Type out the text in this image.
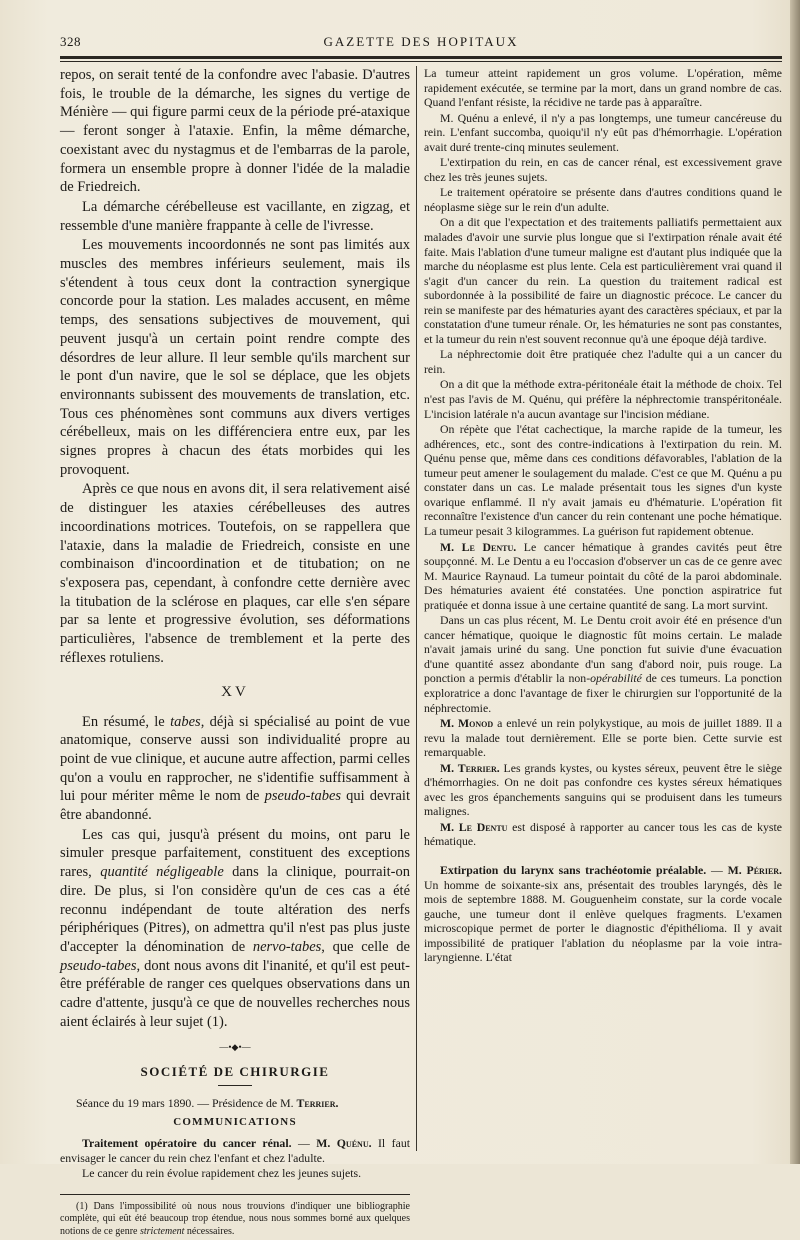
328	GAZETTE DES HOPITAUX

repos, on serait tenté de la confondre avec l'abasie. D'autres fois, le trouble de la démarche, les signes du vertige de Ménière — qui figure parmi ceux de la période pré-ataxique — feront songer à l'ataxie. Enfin, la même démarche, coexistant avec du nystagmus et de l'embarras de la parole, formera un ensemble propre à donner l'idée de la maladie de Friedreich.

La démarche cérébelleuse est vacillante, en zigzag, et ressemble d'une manière frappante à celle de l'ivresse.

Les mouvements incoordonnés ne sont pas limités aux muscles des membres inférieurs seulement, mais ils s'étendent à tous ceux dont la contraction synergique concorde pour la station. Les malades accusent, en même temps, des sensations subjectives de mouvement, qui peuvent jusqu'à un certain point rendre compte des désordres de leur allure. Il leur semble qu'ils marchent sur le pont d'un navire, que le sol se déplace, que les objets environnants subissent des mouvements de translation, etc. Tous ces phénomènes sont communs aux divers vertiges cérébelleux, mais on les différenciera entre eux, par les signes propres à chacun des états morbides qui les provoquent.

Après ce que nous en avons dit, il sera relativement aisé de distinguer les ataxies cérébelleuses des autres incoordinations motrices. Toutefois, on se rappellera que l'ataxie, dans la maladie de Friedreich, consiste en une combinaison d'incoordination et de titubation; on ne s'exposera pas, cependant, à confondre cette dernière avec la titubation de la sclérose en plaques, car elle s'en sépare par sa lente et progressive évolution, ses déformations particulières, l'absence de tremblement et la perte des réflexes rotuliens.

XV

En résumé, le tabes, déjà si spécialisé au point de vue anatomique, conserve aussi son individualité propre au point de vue clinique, et aucune autre affection, parmi celles qu'on a voulu en rapprocher, ne s'identifie suffisamment à lui pour mériter même le nom de pseudo-tabes qui devrait être abandonné.

Les cas qui, jusqu'à présent du moins, ont paru le simuler presque parfaitement, constituent des exceptions rares, quantité négligeable dans la clinique, pourrait-on dire. De plus, si l'on considère qu'un de ces cas a été reconnu indépendant de toute altération des nerfs périphériques (Pitres), on admettra qu'il n'est pas plus juste d'accepter la dénomination de nervo-tabes, que celle de pseudo-tabes, dont nous avons dit l'inanité, et qu'il est peut-être préférable de ranger ces quelques observations dans un cadre d'attente, jusqu'à ce que de nouvelles recherches nous aient éclairés à leur sujet (1).

—•◆•—
SOCIÉTÉ DE CHIRURGIE

Séance du 19 mars 1890. — Présidence de M. Terrier.

COMMUNICATIONS

Traitement opératoire du cancer rénal. — M. Quénu. Il faut envisager le cancer du rein chez l'enfant et chez l'adulte.

Le cancer du rein évolue rapidement chez les jeunes sujets.

(1) Dans l'impossibilité où nous nous trouvions d'indiquer une bibliographie complète, qui eût été beaucoup trop étendue, nous nous sommes borné aux quelques notions de ce genre strictement nécessaires.

La tumeur atteint rapidement un gros volume. L'opération, même rapidement exécutée, se termine par la mort, dans un grand nombre de cas. Quand l'enfant résiste, la récidive ne tarde pas à apparaître.

M. Quénu a enlevé, il n'y a pas longtemps, une tumeur cancéreuse du rein. L'enfant succomba, quoiqu'il n'y eût pas d'hémorrhagie. L'opération avait duré trente-cinq minutes seulement.

L'extirpation du rein, en cas de cancer rénal, est excessivement grave chez les très jeunes sujets.

Le traitement opératoire se présente dans d'autres conditions quand le néoplasme siège sur le rein d'un adulte.

On a dit que l'expectation et des traitements palliatifs permettaient aux malades d'avoir une survie plus longue que si l'extirpation rénale avait été faite. Mais l'ablation d'une tumeur maligne est d'autant plus indiquée que la marche du néoplasme est plus lente. Cela est particulièrement vrai quand il s'agit d'un cancer du rein. La question du traitement radical est subordonnée à la possibilité de faire un diagnostic précoce. Le cancer du rein se manifeste par des hématuries ayant des caractères spéciaux, et par la constatation d'une tumeur rénale. Or, les hématuries ne sont pas constantes, et la tumeur du rein n'est souvent reconnue qu'à une époque déjà tardive.

La néphrectomie doit être pratiquée chez l'adulte qui a un cancer du rein.

On a dit que la méthode extra-péritonéale était la méthode de choix. Tel n'est pas l'avis de M. Quénu, qui préfère la néphrectomie transpéritonéale. L'incision latérale n'a aucun avantage sur l'incision médiane.

On répète que l'état cachectique, la marche rapide de la tumeur, les adhérences, etc., sont des contre-indications à l'extirpation du rein. M. Quénu pense que, même dans ces conditions défavorables, l'ablation de la tumeur peut amener le soulagement du malade. C'est ce que M. Quénu a pu constater dans un cas. Le malade présentait tous les signes d'un kyste ovarique enflammé. Il n'y avait jamais eu d'hématurie. L'opération fit reconnaître l'existence d'un cancer du rein contenant une poche hématique. La tumeur pesait 3 kilogrammes. La guérison fut rapidement obtenue.

M. Le Dentu. Le cancer hématique à grandes cavités peut être soupçonné. M. Le Dentu a eu l'occasion d'observer un cas de ce genre avec M. Maurice Raynaud. La tumeur pointait du côté de la paroi abdominale. Des hématuries avaient été constatées. Une ponction aspiratrice fut pratiquée et donna issue à une certaine quantité de sang. La mort survint.

Dans un cas plus récent, M. Le Dentu croit avoir été en présence d'un cancer hématique, quoique le diagnostic fût moins certain. Le malade n'avait jamais uriné du sang. Une ponction fut suivie d'une évacuation d'une quantité assez abondante d'un sang d'abord noir, puis rouge. La ponction a permis d'établir la non-opérabilité de ces tumeurs. La ponction exploratrice a donc l'avantage de fixer le chirurgien sur l'opportunité de la néphrectomie.

M. Monod a enlevé un rein polykystique, au mois de juillet 1889. Il a revu la malade tout dernièrement. Elle se porte bien. Cette survie est remarquable.

M. Terrier. Les grands kystes, ou kystes séreux, peuvent être le siège d'hémorrhagies. On ne doit pas confondre ces kystes séreux hématiques avec les gros épanchements sanguins qui se produisent dans les tumeurs malignes.

M. Le Dentu est disposé à rapporter au cancer tous les cas de kyste hématique.

Extirpation du larynx sans trachéotomie préalable. — M. Périer. Un homme de soixante-six ans, présentait des troubles laryngés, dès le mois de septembre 1888. M. Gouguenheim constate, sur la corde vocale gauche, une tumeur dont il enlève quelques fragments. L'examen microscopique permet de porter le diagnostic d'épithélioma. Il y avait impossibilité de pratiquer l'ablation du néoplasme par la voie intra-laryngienne. L'état
